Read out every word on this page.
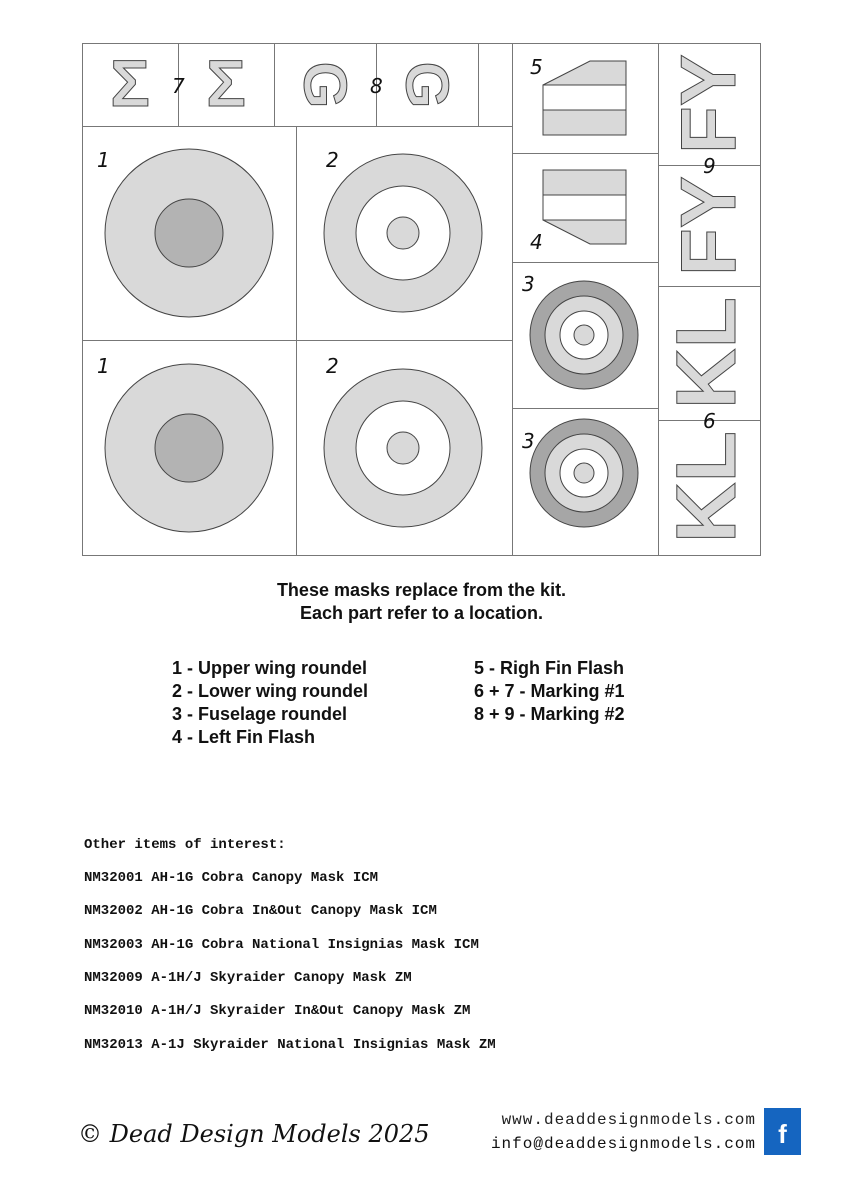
Σ Σ G G	FY
FY
KL
KL
1
1
2
2
3
3
4
5
6
7	8
9
These masks replace from the kit.
Each part refer to a location.
1 - Upper wing roundel
2 - Lower wing roundel
3 - Fuselage roundel
4 - Left Fin Flash
5 - Righ Fin Flash
6 + 7 - Marking #1
8 + 9 - Marking #2
Other items of interest:
NM32001 AH-1G Cobra Canopy Mask ICM
NM32002 AH-1G Cobra In&Out Canopy Mask ICM
NM32003 AH-1G Cobra National Insignias Mask ICM
NM32009 A-1H/J Skyraider Canopy Mask ZM
NM32010 A-1H/J Skyraider In&Out Canopy Mask ZM
NM32013 A-1J Skyraider National Insignias Mask ZM
© Dead Design Models 2025	www.deaddesignmodels.com
info@deaddesignmodels.com f
